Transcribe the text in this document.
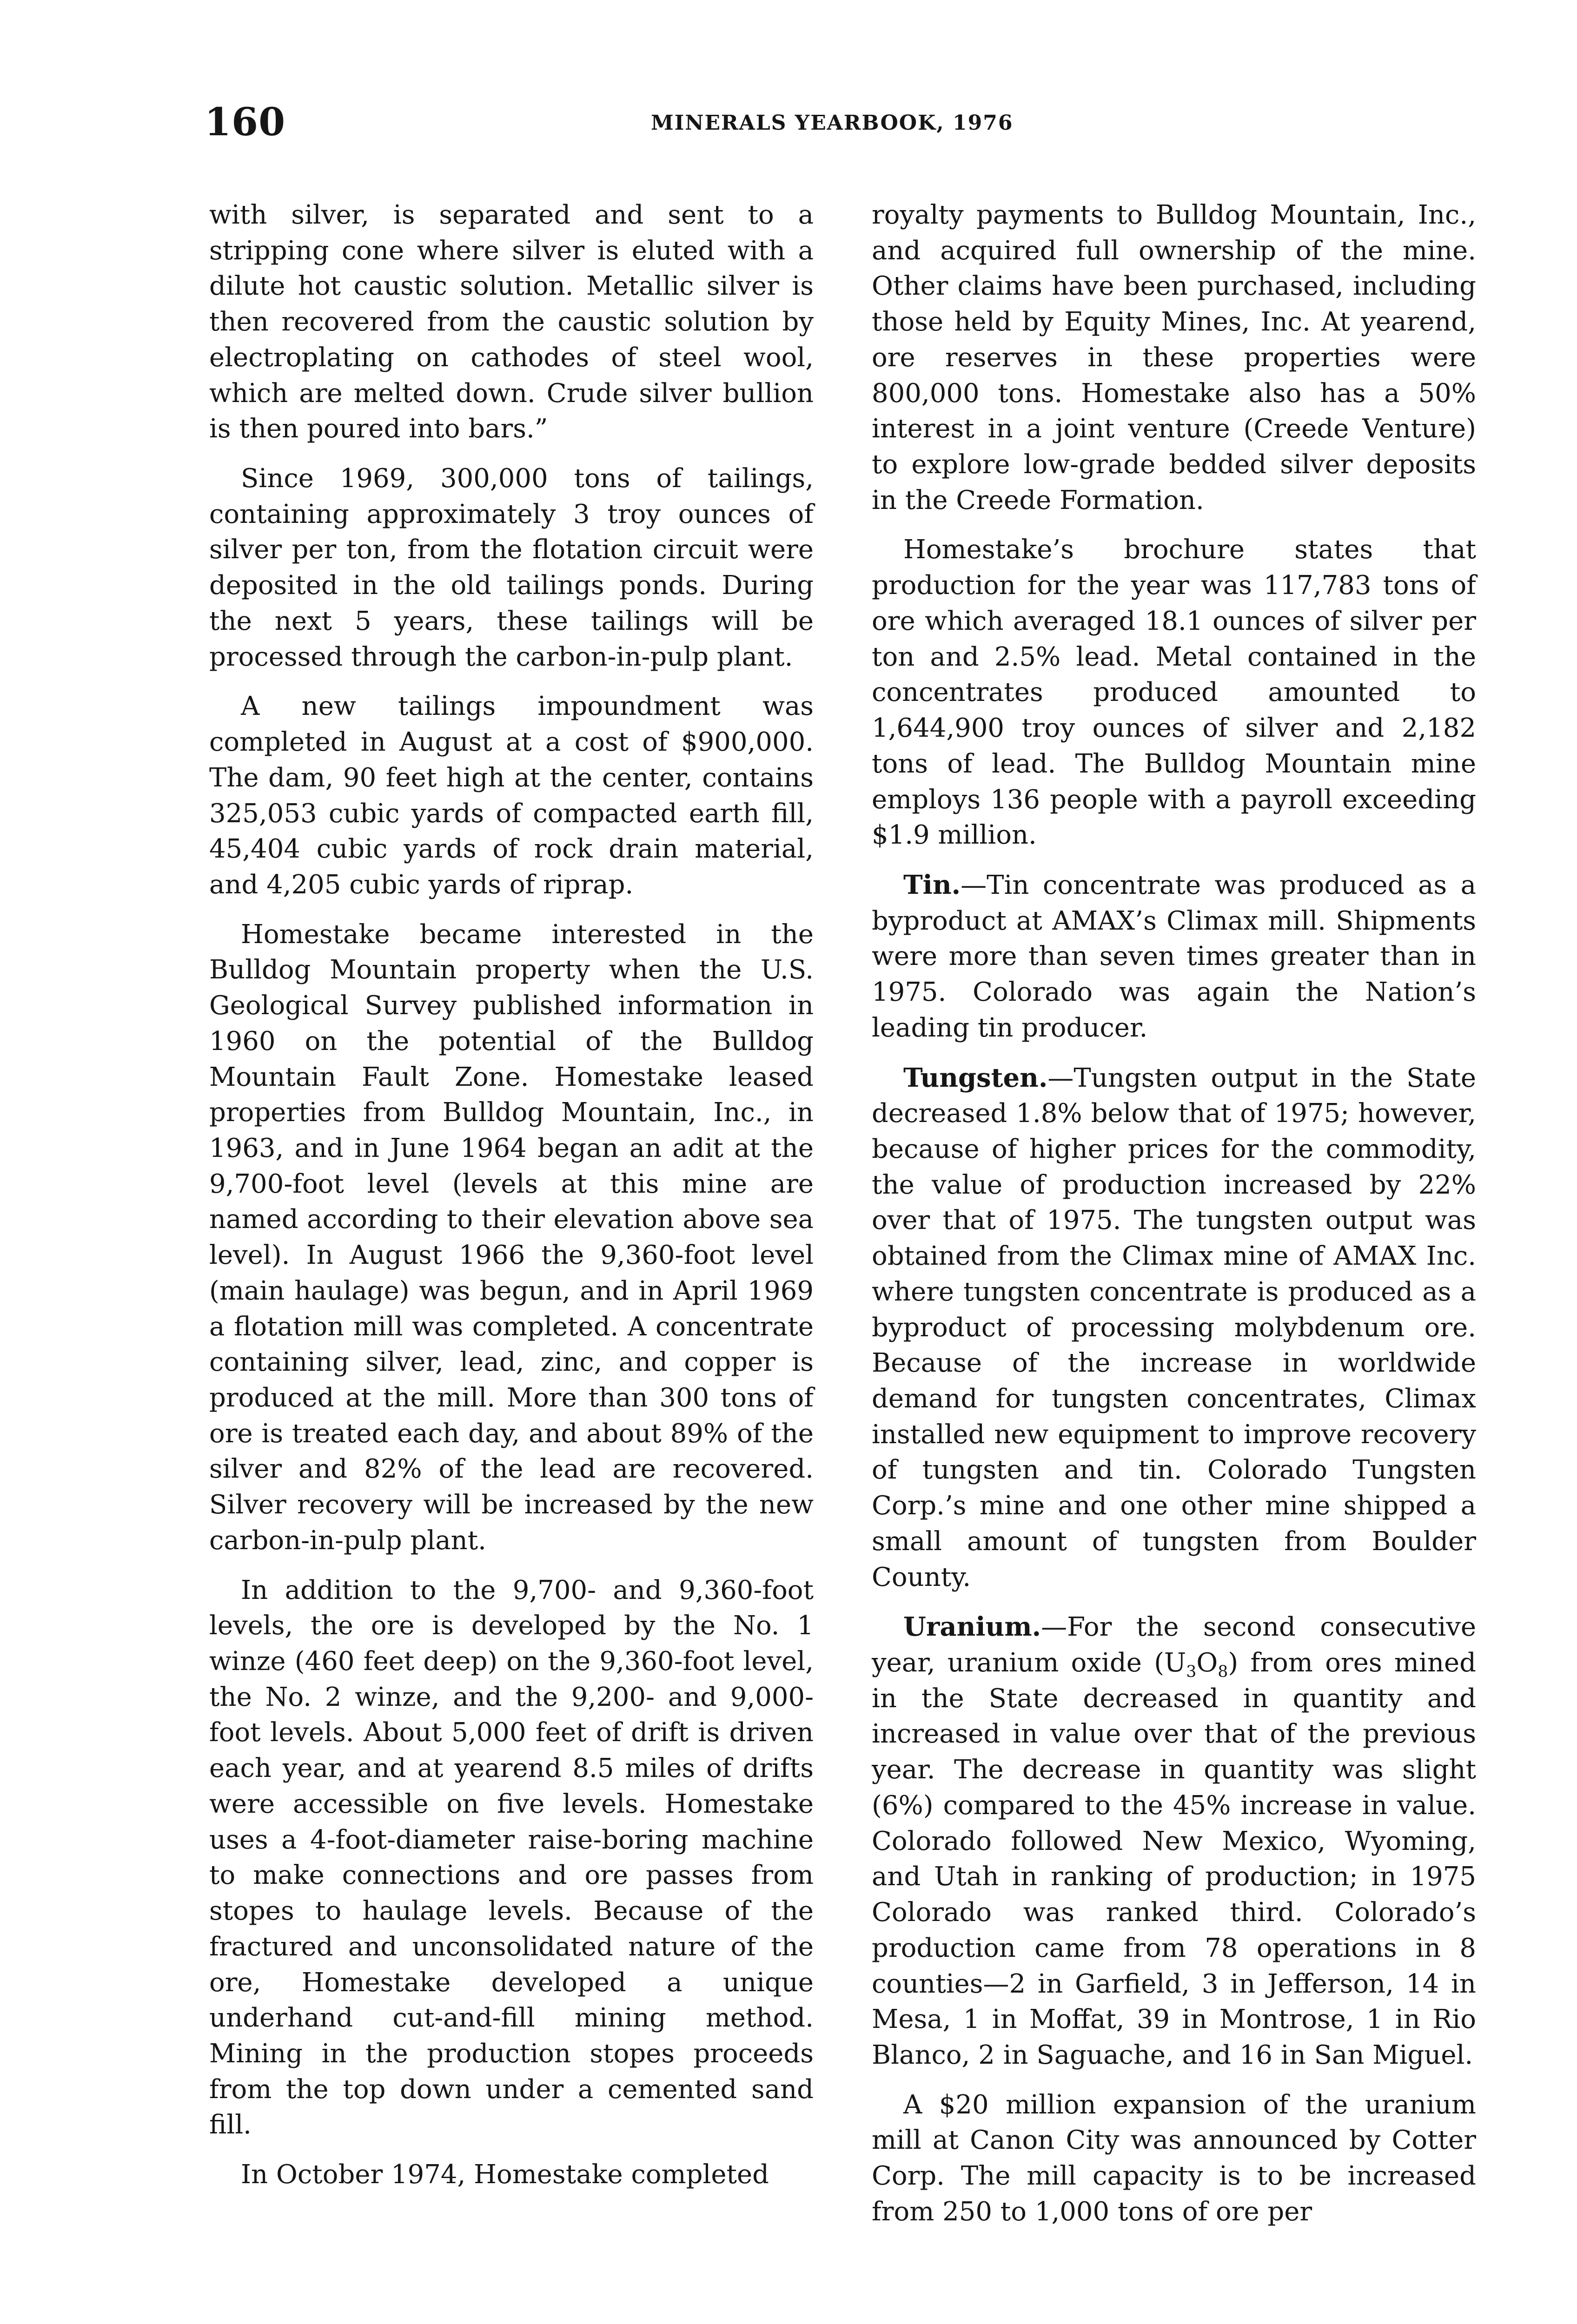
160	MINERALS YEARBOOK, 1976

with silver, is separated and sent to a stripping cone where silver is eluted with a dilute hot caustic solution. Metallic silver is then recovered from the caustic solution by electroplating on cathodes of steel wool, which are melted down. Crude silver bullion is then poured into bars.”

Since 1969, 300,000 tons of tailings, containing approximately 3 troy ounces of silver per ton, from the flotation circuit were deposited in the old tailings ponds. During the next 5 years, these tailings will be processed through the carbon-in-pulp plant.

A new tailings impoundment was completed in August at a cost of $900,000. The dam, 90 feet high at the center, contains 325,053 cubic yards of compacted earth fill, 45,404 cubic yards of rock drain material, and 4,205 cubic yards of riprap.

Homestake became interested in the Bulldog Mountain property when the U.S. Geological Survey published information in 1960 on the potential of the Bulldog Mountain Fault Zone. Homestake leased properties from Bulldog Mountain, Inc., in 1963, and in June 1964 began an adit at the 9,700-foot level (levels at this mine are named according to their elevation above sea level). In August 1966 the 9,360-foot level (main haulage) was begun, and in April 1969 a flotation mill was completed. A concentrate containing silver, lead, zinc, and copper is produced at the mill. More than 300 tons of ore is treated each day, and about 89% of the silver and 82% of the lead are recovered. Silver recovery will be increased by the new carbon-in-pulp plant.

In addition to the 9,700- and 9,360-foot levels, the ore is developed by the No. 1 winze (460 feet deep) on the 9,360-foot level, the No. 2 winze, and the 9,200- and 9,000-foot levels. About 5,000 feet of drift is driven each year, and at yearend 8.5 miles of drifts were accessible on five levels. Homestake uses a 4-foot-diameter raise-boring machine to make connections and ore passes from stopes to haulage levels. Because of the fractured and unconsolidated nature of the ore, Homestake developed a unique underhand cut-and-fill mining method. Mining in the production stopes proceeds from the top down under a cemented sand fill.

In October 1974, Homestake completed

royalty payments to Bulldog Mountain, Inc., and acquired full ownership of the mine. Other claims have been purchased, including those held by Equity Mines, Inc. At yearend, ore reserves in these properties were 800,000 tons. Homestake also has a 50% interest in a joint venture (Creede Venture) to explore low-grade bedded silver deposits in the Creede Formation.

Homestake’s brochure states that production for the year was 117,783 tons of ore which averaged 18.1 ounces of silver per ton and 2.5% lead. Metal contained in the concentrates produced amounted to 1,644,900 troy ounces of silver and 2,182 tons of lead. The Bulldog Mountain mine employs 136 people with a payroll exceeding $1.9 million.

Tin.—Tin concentrate was produced as a byproduct at AMAX’s Climax mill. Shipments were more than seven times greater than in 1975. Colorado was again the Nation’s leading tin producer.

Tungsten.—Tungsten output in the State decreased 1.8% below that of 1975; however, because of higher prices for the commodity, the value of production increased by 22% over that of 1975. The tungsten output was obtained from the Climax mine of AMAX Inc. where tungsten concentrate is produced as a byproduct of processing molybdenum ore. Because of the increase in worldwide demand for tungsten concentrates, Climax installed new equipment to improve recovery of tungsten and tin. Colorado Tungsten Corp.’s mine and one other mine shipped a small amount of tungsten from Boulder County.

Uranium.—For the second consecutive year, uranium oxide $(U_3O_8)$ from ores mined in the State decreased in quantity and increased in value over that of the previous year. The decrease in quantity was slight (6%) compared to the 45% increase in value. Colorado followed New Mexico, Wyoming, and Utah in ranking of production; in 1975 Colorado was ranked third. Colorado’s production came from 78 operations in 8 counties—2 in Garfield, 3 in Jefferson, 14 in Mesa, 1 in Moffat, 39 in Montrose, 1 in Rio Blanco, 2 in Saguache, and 16 in San Miguel.

A $20 million expansion of the uranium mill at Canon City was announced by Cotter Corp. The mill capacity is to be increased from 250 to 1,000 tons of ore per
